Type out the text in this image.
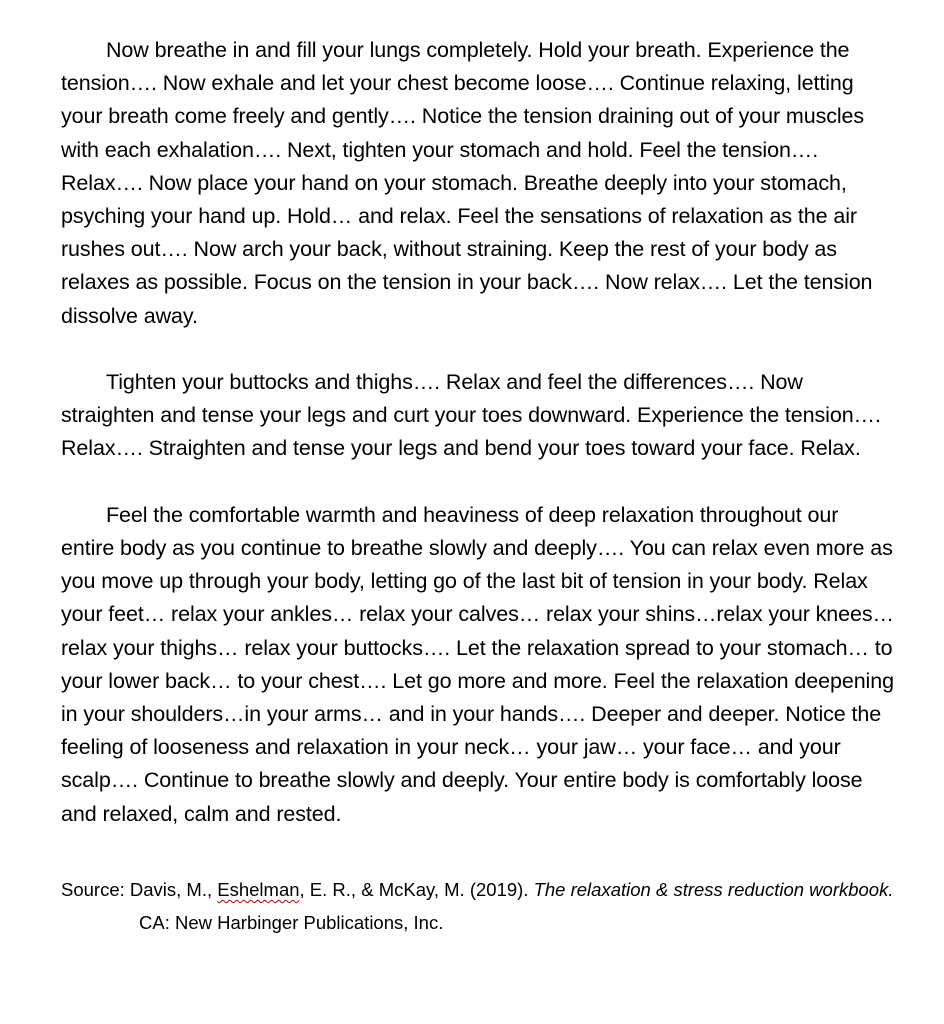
Now breathe in and fill your lungs completely. Hold your breath. Experience the tension…. Now exhale and let your chest become loose…. Continue relaxing, letting your breath come freely and gently…. Notice the tension draining out of your muscles with each exhalation…. Next, tighten your stomach and hold. Feel the tension…. Relax…. Now place your hand on your stomach. Breathe deeply into your stomach, psyching your hand up. Hold… and relax. Feel the sensations of relaxation as the air rushes out…. Now arch your back, without straining. Keep the rest of your body as relaxes as possible. Focus on the tension in your back…. Now relax…. Let the tension dissolve away.

Tighten your buttocks and thighs…. Relax and feel the differences…. Now straighten and tense your legs and curt your toes downward. Experience the tension…. Relax…. Straighten and tense your legs and bend your toes toward your face. Relax.

Feel the comfortable warmth and heaviness of deep relaxation throughout our entire body as you continue to breathe slowly and deeply…. You can relax even more as you move up through your body, letting go of the last bit of tension in your body. Relax your feet… relax your ankles… relax your calves… relax your shins…relax your knees… relax your thighs… relax your buttocks…. Let the relaxation spread to your stomach… to your lower back… to your chest…. Let go more and more. Feel the relaxation deepening in your shoulders…in your arms… and in your hands…. Deeper and deeper. Notice the feeling of looseness and relaxation in your neck… your jaw… your face… and your scalp…. Continue to breathe slowly and deeply. Your entire body is comfortably loose and relaxed, calm and rested.

Source: Davis, M., Eshelman, E. R., & McKay, M. (2019). The relaxation & stress reduction workbook. CA: New Harbinger Publications, Inc.
